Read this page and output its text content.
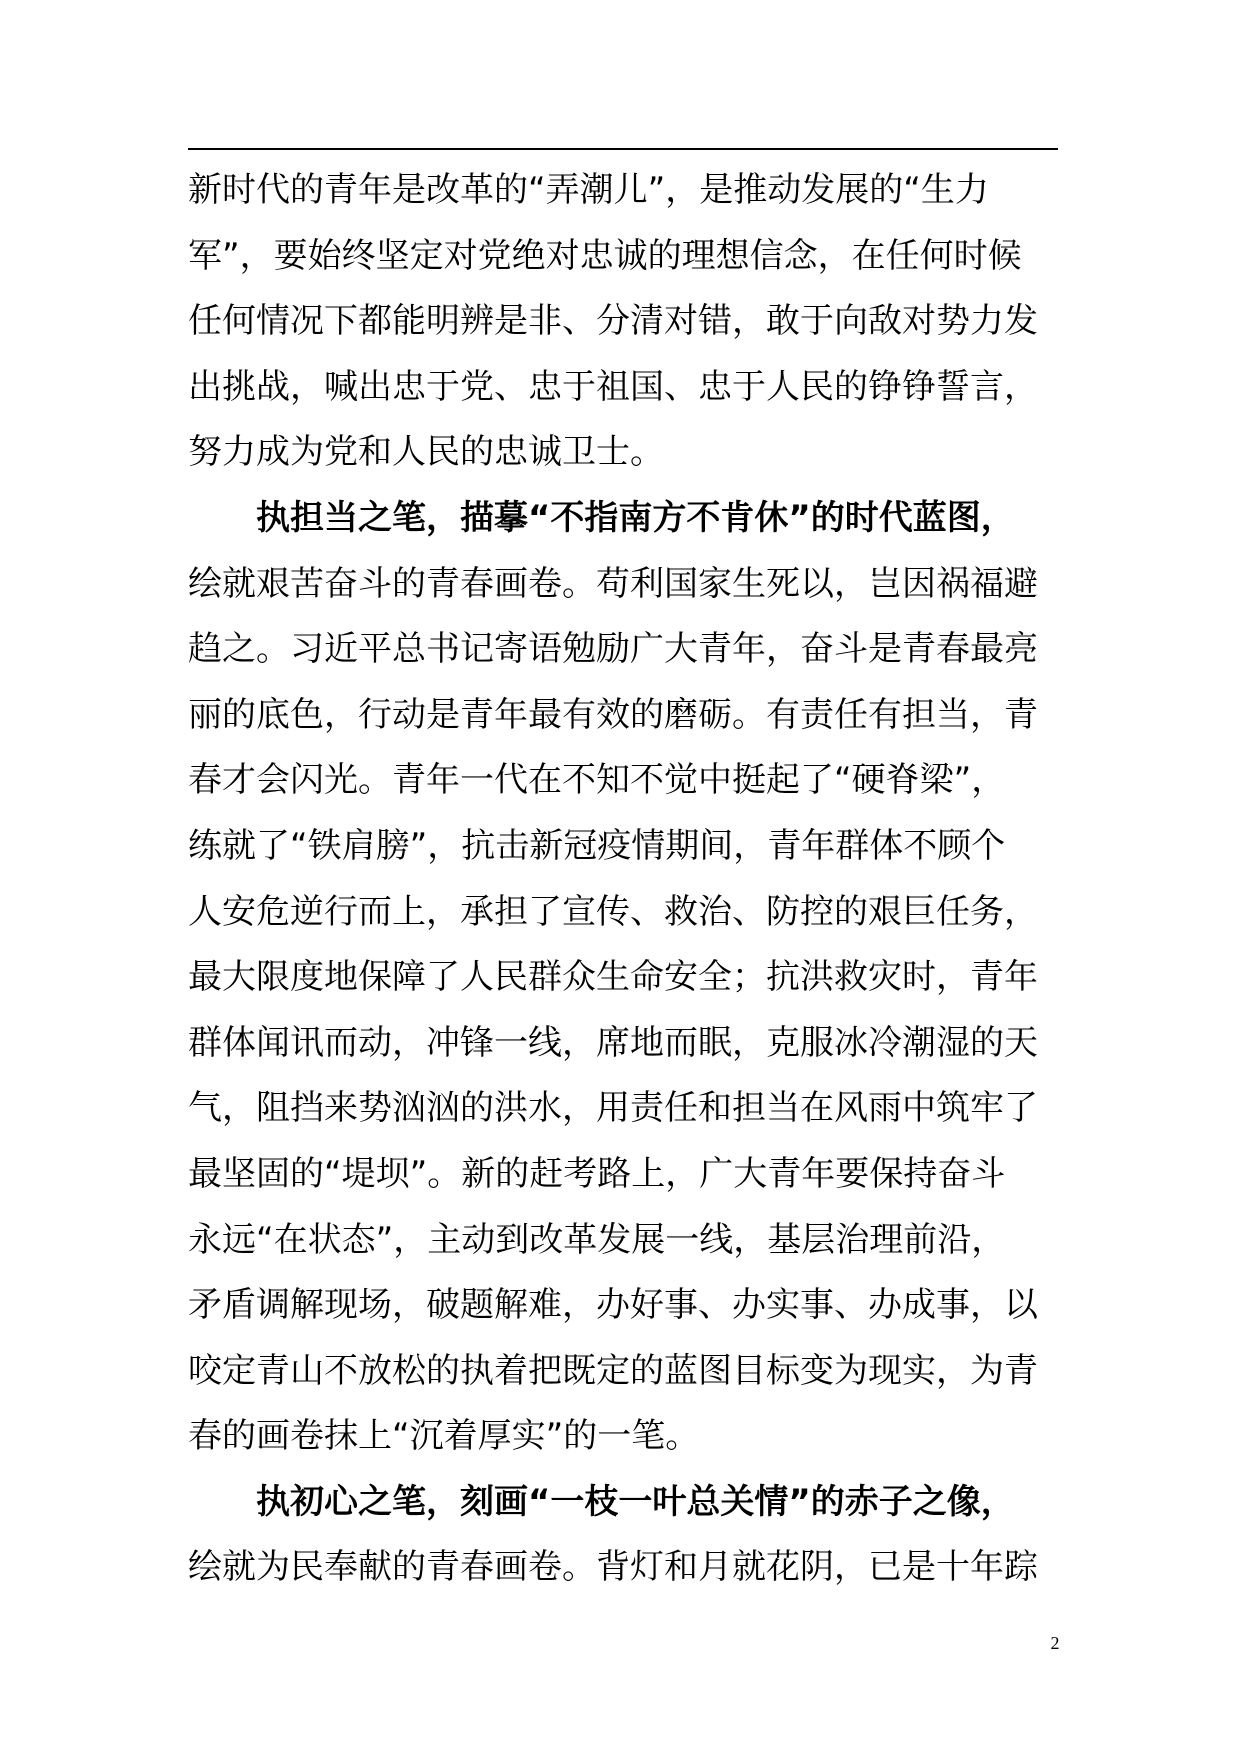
新时代的青年是改革的“弄潮儿”，是推动发展的“生力
军”，要始终坚定对党绝对忠诚的理想信念，在任何时候
任何情况下都能明辨是非、分清对错，敢于向敌对势力发
出挑战，喊出忠于党、忠于祖国、忠于人民的铮铮誓言，
努力成为党和人民的忠诚卫士。
执担当之笔，描摹“不指南方不肯休”的时代蓝图，
绘就艰苦奋斗的青春画卷。苟利国家生死以，岂因祸福避
趋之。习近平总书记寄语勉励广大青年，奋斗是青春最亮
丽的底色，行动是青年最有效的磨砺。有责任有担当，青
春才会闪光。青年一代在不知不觉中挺起了“硬脊梁”，
练就了“铁肩膀”，抗击新冠疫情期间，青年群体不顾个
人安危逆行而上，承担了宣传、救治、防控的艰巨任务，
最大限度地保障了人民群众生命安全；抗洪救灾时，青年
群体闻讯而动，冲锋一线，席地而眠，克服冰冷潮湿的天
气，阻挡来势汹汹的洪水，用责任和担当在风雨中筑牢了
最坚固的“堤坝”。新的赶考路上，广大青年要保持奋斗
永远“在状态”，主动到改革发展一线，基层治理前沿，
矛盾调解现场，破题解难，办好事、办实事、办成事，以
咬定青山不放松的执着把既定的蓝图目标变为现实，为青
春的画卷抹上“沉着厚实”的一笔。
执初心之笔，刻画“一枝一叶总关情”的赤子之像，
绘就为民奉献的青春画卷。背灯和月就花阴，已是十年踪
2
